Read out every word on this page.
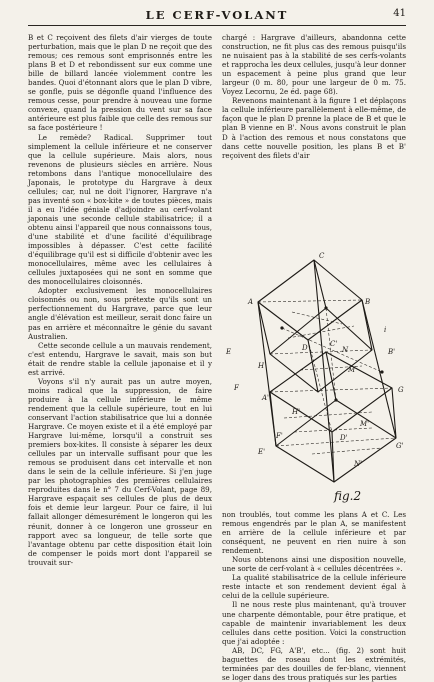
LE CERF-VOLANT	41

B et C reçoivent des filets d'air vierges de toute perturbation, mais que le plan D ne reçoit que des remous; ces remous sont emprisonnés entre les plans B et D et rebondissent sur eux comme une bille de billard lancée violemment contre les bandes. Quoi d'étonnant alors que le plan D vibre, se gonfle, puis se dégonfle quand l'influence des remous cesse, pour prendre à nouveau une forme convexe, quand la pression du vent sur sa face antérieure est plus faible que celle des remous sur sa face postérieure !

Le remède? Radical. Supprimer tout simplement la cellule inférieure et ne conserver que la cellule supérieure. Mais alors, nous revenons de plusieurs siècles en arrière. Nous retombons dans l'antique monocellulaire des Japonais, le prototype du Hargrave à deux cellules; car, nul ne doit l'ignorer, Hargrave n'a pas inventé son « box-kite » de toutes pièces, mais il a eu l'idée géniale d'adjoindre au cerf-volant japonais une seconde cellule stabilisatrice; il a obtenu ainsi l'appareil que nous connaissons tous, d'une stabilité et d'une facilité d'équilibrage impossibles à dépasser. C'est cette facilité d'équilibrage qu'il est si difficile d'obtenir avec les monocellulaires, même avec les cellulaires à cellules juxtaposées qui ne sont en somme que des monocellulaires cloisonnés.

Adopter exclusivement les monocellulaires cloisonnés ou non, sous prétexte qu'ils sont un perfectionnement du Hargrave, parce que leur angle d'élévation est meilleur, serait donc faire un pas en arrière et méconnaître le génie du savant Australien.

Cette seconde cellule a un mauvais rendement, c'est entendu, Hargrave le savait, mais son but était de rendre stable la cellule japonaise et il y est arrivé.

Voyons s'il n'y aurait pas un autre moyen, moins radical que la suppression, de faire produire à la cellule inférieure le même rendement que la cellule supérieure, tout en lui conservant l'action stabilisatrice que lui a donnée Hargrave. Ce moyen existe et il a été employé par Hargrave lui-même, lorsqu'il a construit ses premiers box-kites. Il consiste à séparer les deux cellules par un intervalle suffisant pour que les remous se produisent dans cet intervalle et non dans le sein de la cellule inférieure. Si j'en juge par les photographies des premières cellulaires reproduites dans le n° 7 du Cerf-Volant, page 89, Hargrave espaçait ses cellules de plus de deux fois et demie leur largeur. Pour ce faire, il lui fallait allonger démesurément le longeron qui les réunit, donner à ce longeron une grosseur en rapport avec sa longueur, de telle sorte que l'avantage obtenu par cette disposition était loin de compenser le poids mort dont l'appareil se trouvait sur-

chargé : Hargrave d'ailleurs, abandonna cette construction, ne fit plus cas des remous puisqu'ils ne nuisaient pas à la stabilité de ses cerfs-volants et rapprocha les deux cellules, jusqu'à leur donner un espacement à peine plus grand que leur largeur (0 m. 80, pour une largeur de 0 m. 75. Voyez Lecornu, 2e éd. page 68).

Revenons maintenant à la figure 1 et déplaçons la cellule inférieure parallèlement à elle-même, de façon que le plan D prenne la place de B et que le plan B vienne en B'. Nous avons construit le plan D à l'action des remous et nous constatons que dans cette nouvelle position, les plans B et B' reçoivent des filets d'air

A	B
C
D
E
F	G
A'
B'
C'
D'
E'
F'
G'
H
H'
i
N
N'
M
M'
fig.2

non troublés, tout comme les plans A et C. Les remous engendrés par le plan A, se manifestent en arrière de la cellule inférieure et par conséquent, ne peuvent en rien nuire à son rendement.

Nous obtenons ainsi une disposition nouvelle, une sorte de cerf-volant à « cellules décentrées ».

La qualité stabilisatrice de la cellule inférieure reste intacte et son rendement devient égal à celui de la cellule supérieure.

Il ne nous reste plus maintenant, qu'à trouver une charpente démontable, pour être pratique, et capable de maintenir invariablement les deux cellules dans cette position. Voici la construction que j'ai adoptée :

AB, DC, FG, A'B', etc... (fig. 2) sont huit baguettes de roseau dont les extrémités, terminées par des douilles de fer-blanc, viennent se loger dans des trous pratiqués sur les parties
